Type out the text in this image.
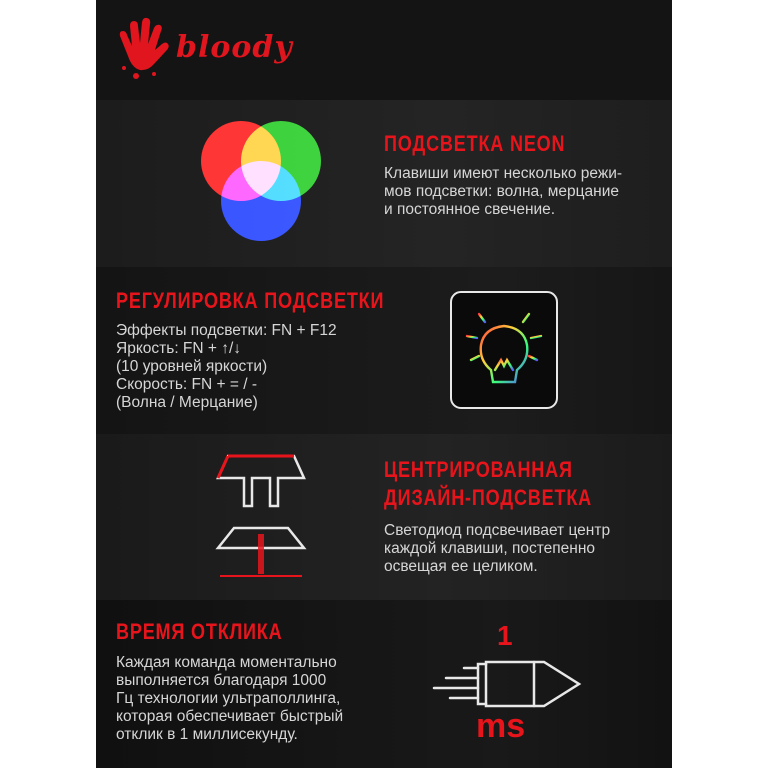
bloody
ПОДСВЕТКА NEON
Клавиши имеют несколько режи-
мов подсветки: волна, мерцание
и постоянное свечение.
РЕГУЛИРОВКА ПОДСВЕТКИ
Эффекты подсветки: FN + F12
Яркость: FN + ↑/↓
(10 уровней яркости)
Скорость: FN + = / -
(Волна / Мерцание)
ЦЕНТРИРОВАННАЯ
ДИЗАЙН-ПОДСВЕТКА
Светодиод подсвечивает центр
каждой клавиши, постепенно
освещая ее целиком.
ВРЕМЯ ОТКЛИКА
Каждая команда моментально
выполняется благодаря 1000
Гц технологии ультраполлинга,
которая обеспечивает быстрый
отклик в 1 миллисекунду.
1
ms
